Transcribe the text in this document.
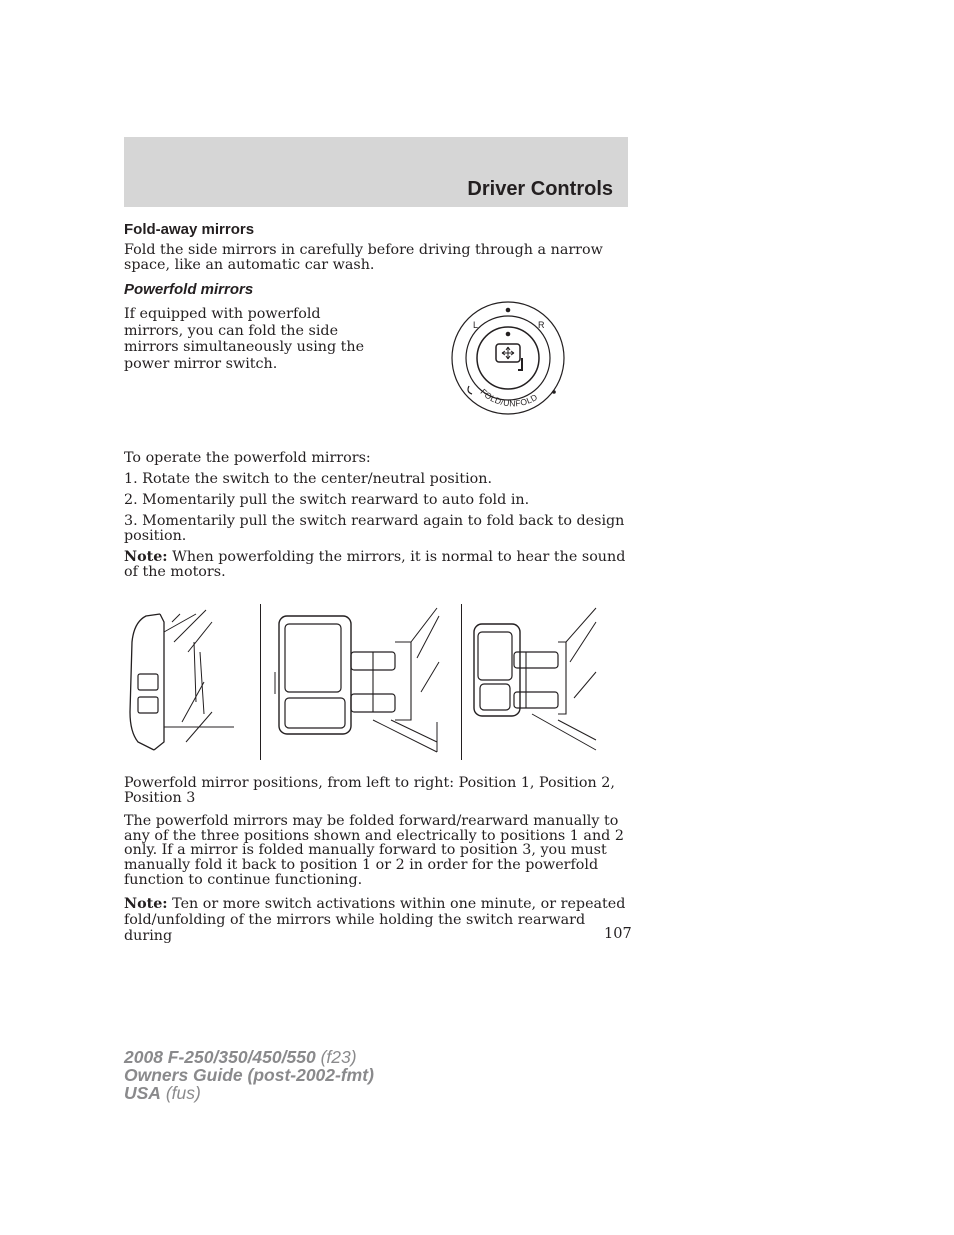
Driver Controls
Fold-away mirrors

Fold the side mirrors in carefully before driving through a narrow space, like an automatic car wash.

Powerfold mirrors

If equipped with powerfold mirrors, you can fold the side mirrors simultaneously using the power mirror switch.

L	R
FOLD/UNFOLD

To operate the powerfold mirrors:

1. Rotate the switch to the center/neutral position.

2. Momentarily pull the switch rearward to auto fold in.

3. Momentarily pull the switch rearward again to fold back to design position.

Note: When powerfolding the mirrors, it is normal to hear the sound of the motors.

Powerfold mirror positions, from left to right: Position 1, Position 2, Position 3

The powerfold mirrors may be folded forward/rearward manually to any of the three positions shown and electrically to positions 1 and 2 only. If a mirror is folded manually forward to position 3, you must manually fold it back to position 1 or 2 in order for the powerfold function to continue functioning.

Note: Ten or more switch activations within one minute, or repeated fold/unfolding of the mirrors while holding the switch rearward during	107
2008 F-250/350/450/550 (f23)
Owners Guide (post-2002-fmt)
USA (fus)
